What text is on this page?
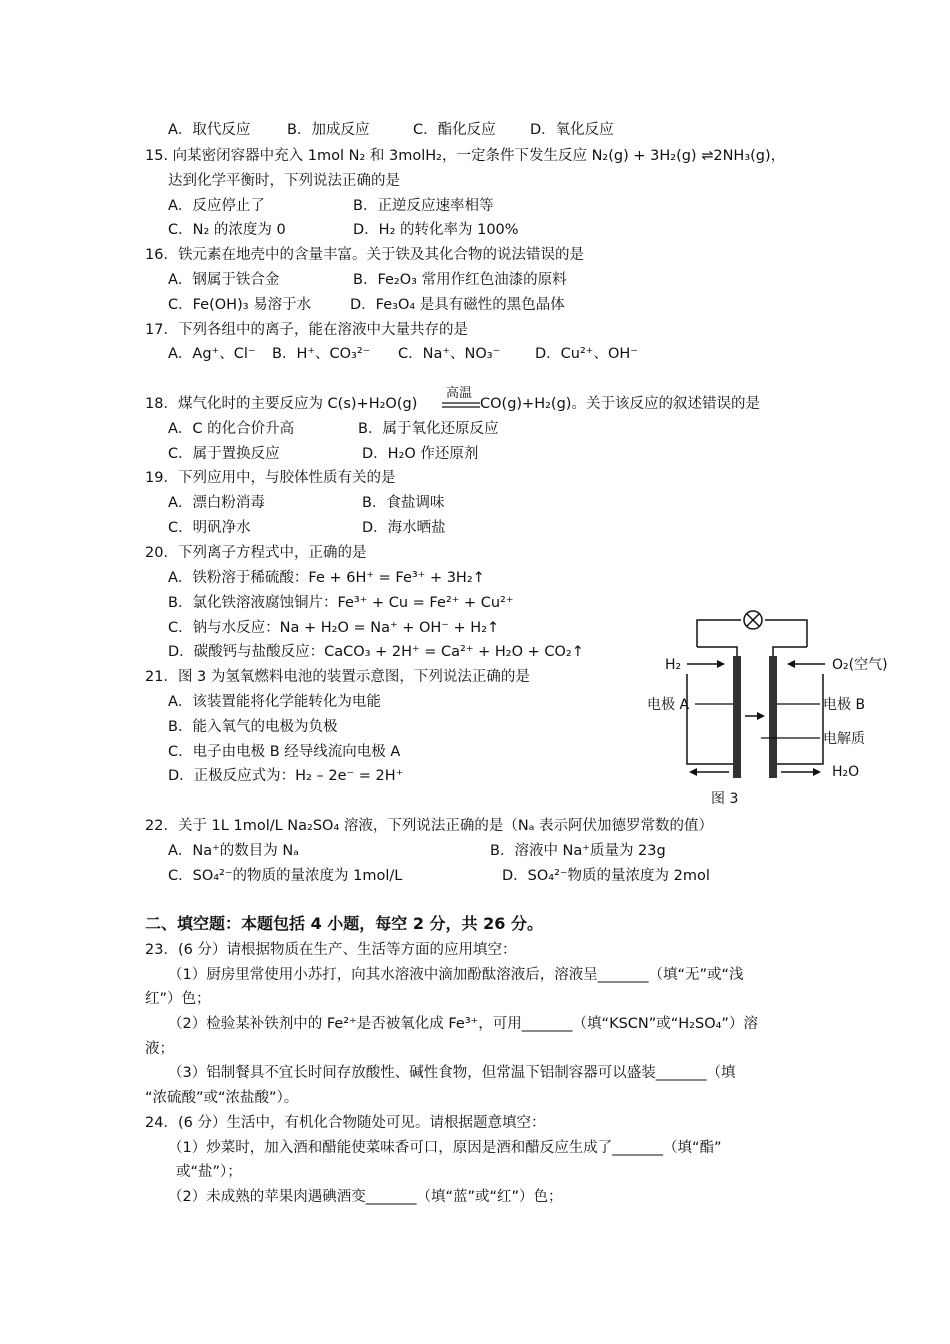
A．取代反应	B．加成反应	C．酯化反应 D．氧化反应
15. 向某密闭容器中充入 1mol N₂ 和 3molH₂，一定条件下发生反应 N₂(g) + 3H₂(g) ⇌2NH₃(g)，
达到化学平衡时，下列说法正确的是
A．反应停止了	B．正逆反应速率相等
C．N₂ 的浓度为 0	D．H₂ 的转化率为 100%
16．铁元素在地壳中的含量丰富。关于铁及其化合物的说法错误的是
A．钢属于铁合金	B．Fe₂O₃ 常用作红色油漆的原料
C．Fe(OH)₃ 易溶于水	D．Fe₃O₄ 是具有磁性的黑色晶体
17．下列各组中的离子，能在溶液中大量共存的是
A．Ag⁺、Cl⁻ B．H⁺、CO₃²⁻ C．Na⁺、NO₃⁻ D．Cu²⁺、OH⁻
18．煤气化时的主要反应为 C(s)+H₂O(g)
高温
CO(g)+H₂(g)。关于该反应的叙述错误的是
A．C 的化合价升高	B．属于氧化还原反应
C．属于置换反应	D．H₂O 作还原剂
19．下列应用中，与胶体性质有关的是
A．漂白粉消毒	B．食盐调味
C．明矾净水	D．海水晒盐
20．下列离子方程式中，正确的是
A．铁粉溶于稀硫酸：Fe + 6H⁺ = Fe³⁺ + 3H₂↑
B．氯化铁溶液腐蚀铜片：Fe³⁺ + Cu = Fe²⁺ + Cu²⁺
C．钠与水反应：Na + H₂O = Na⁺ + OH⁻ + H₂↑
D．碳酸钙与盐酸反应：CaCO₃ + 2H⁺ = Ca²⁺ + H₂O + CO₂↑
21．图 3 为氢氧燃料电池的装置示意图，下列说法正确的是
A．该装置能将化学能转化为电能
B．能入氧气的电极为负极
C．电子由电极 B 经导线流向电极 A
D．正极反应式为：H₂ – 2e⁻ = 2H⁺
H₂	O₂(空气)
电极 A	电极 B
电解质
H₂O
图 3
22．关于 1L 1mol/L Na₂SO₄ 溶液，下列说法正确的是（Nₐ 表示阿伏加德罗常数的值）
A．Na⁺的数目为 Nₐ	B．溶液中 Na⁺质量为 23g
C．SO₄²⁻的物质的量浓度为 1mol/L	D．SO₄²⁻物质的量浓度为 2mol
二、填空题：本题包括 4 小题，每空 2 分，共 26 分。
23．(6 分）请根据物质在生产、生活等方面的应用填空：
（1）厨房里常使用小苏打，向其水溶液中滴加酚酞溶液后，溶液呈_______（填“无”或“浅
红”）色；
（2）检验某补铁剂中的 Fe²⁺是否被氧化成 Fe³⁺，可用_______（填“KSCN”或“H₂SO₄”）溶
液；
（3）铝制餐具不宜长时间存放酸性、碱性食物，但常温下铝制容器可以盛装_______（填
“浓硫酸”或“浓盐酸”）。
24．(6 分）生活中，有机化合物随处可见。请根据题意填空：
（1）炒菜时，加入酒和醋能使菜味香可口，原因是酒和醋反应生成了_______（填“酯”
或“盐”）；
（2）未成熟的苹果肉遇碘酒变_______（填“蓝”或“红”）色；
